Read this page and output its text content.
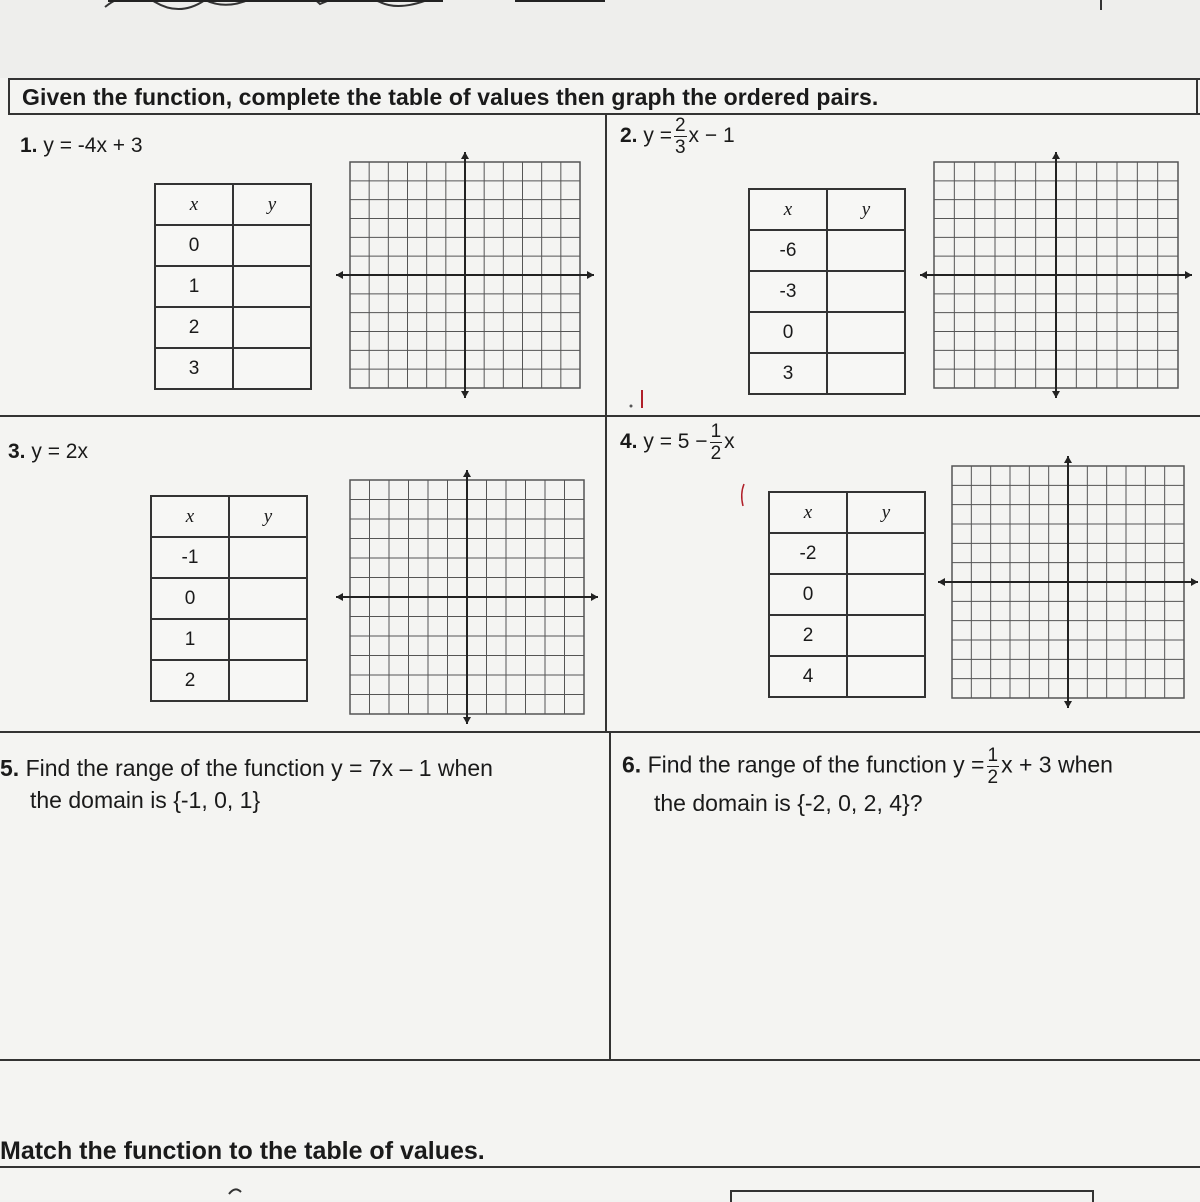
Given the function, complete the table of values then graph the ordered pairs.
1. y = -4x + 3
x	y
0	
1	
2	
3	
2. $y = \frac{2}{3}$ x − 1
x	y
-6	
-3	
0	
3	
3. y = 2x
x	y
-1	
0	
1	
2	
4. $y = 5 - \frac{1}{2}$ x
x	y
-2	
0	
2	
4	
5. Find the range of the function y = 7x – 1 when
the domain is {-1, 0, 1}
6. Find the range of the function $y = \frac{1}{2}$ x + 3 when
the domain is {-2, 0, 2, 4}?
Match the function to the table of values.
